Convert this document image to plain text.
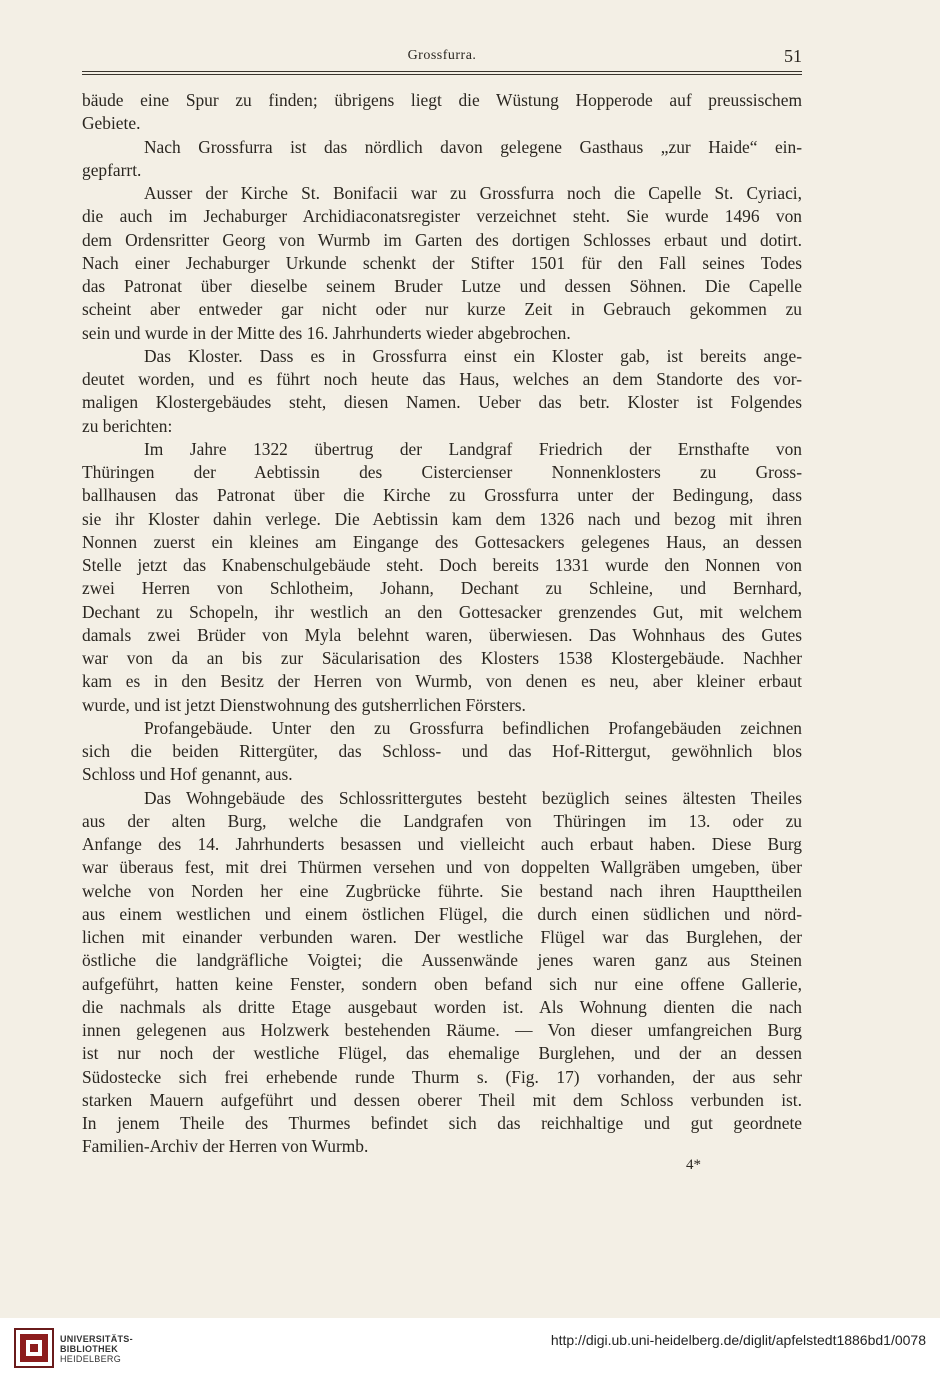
Grossfurra.	51
bäude eine Spur zu finden; übrigens liegt die Wüstung Hopperode auf preussischem
Gebiete.
Nach Grossfurra ist das nördlich davon gelegene Gasthaus „zur Haide“ ein-
gepfarrt.
Ausser der Kirche St. Bonifacii war zu Grossfurra noch die Capelle St. Cyriaci,
die auch im Jechaburger Archidiaconatsregister verzeichnet steht. Sie wurde 1496 von
dem Ordensritter Georg von Wurmb im Garten des dortigen Schlosses erbaut und dotirt.
Nach einer Jechaburger Urkunde schenkt der Stifter 1501 für den Fall seines Todes
das Patronat über dieselbe seinem Bruder Lutze und dessen Söhnen. Die Capelle
scheint aber entweder gar nicht oder nur kurze Zeit in Gebrauch gekommen zu
sein und wurde in der Mitte des 16. Jahrhunderts wieder abgebrochen.
Das Kloster. Dass es in Grossfurra einst ein Kloster gab, ist bereits ange-
deutet worden, und es führt noch heute das Haus, welches an dem Standorte des vor-
maligen Klostergebäudes steht, diesen Namen. Ueber das betr. Kloster ist Folgendes
zu berichten:
Im Jahre 1322 übertrug der Landgraf Friedrich der Ernsthafte von
Thüringen der Aebtissin des Cistercienser Nonnenklosters zu Gross-
ballhausen das Patronat über die Kirche zu Grossfurra unter der Bedingung, dass
sie ihr Kloster dahin verlege. Die Aebtissin kam dem 1326 nach und bezog mit ihren
Nonnen zuerst ein kleines am Eingange des Gottesackers gelegenes Haus, an dessen
Stelle jetzt das Knabenschulgebäude steht. Doch bereits 1331 wurde den Nonnen von
zwei Herren von Schlotheim, Johann, Dechant zu Schleine, und Bernhard,
Dechant zu Schopeln, ihr westlich an den Gottesacker grenzendes Gut, mit welchem
damals zwei Brüder von Myla belehnt waren, überwiesen. Das Wohnhaus des Gutes
war von da an bis zur Säcularisation des Klosters 1538 Klostergebäude. Nachher
kam es in den Besitz der Herren von Wurmb, von denen es neu, aber kleiner erbaut
wurde, und ist jetzt Dienstwohnung des gutsherrlichen Försters.
Profangebäude. Unter den zu Grossfurra befindlichen Profangebäuden zeichnen
sich die beiden Rittergüter, das Schloss- und das Hof-Rittergut, gewöhnlich blos
Schloss und Hof genannt, aus.
Das Wohngebäude des Schlossrittergutes besteht bezüglich seines ältesten Theiles
aus der alten Burg, welche die Landgrafen von Thüringen im 13. oder zu
Anfange des 14. Jahrhunderts besassen und vielleicht auch erbaut haben. Diese Burg
war überaus fest, mit drei Thürmen versehen und von doppelten Wallgräben umgeben, über
welche von Norden her eine Zugbrücke führte. Sie bestand nach ihren Haupttheilen
aus einem westlichen und einem östlichen Flügel, die durch einen südlichen und nörd-
lichen mit einander verbunden waren. Der westliche Flügel war das Burglehen, der
östliche die landgräfliche Voigtei; die Aussenwände jenes waren ganz aus Steinen
aufgeführt, hatten keine Fenster, sondern oben befand sich nur eine offene Gallerie,
die nachmals als dritte Etage ausgebaut worden ist. Als Wohnung dienten die nach
innen gelegenen aus Holzwerk bestehenden Räume. — Von dieser umfangreichen Burg
ist nur noch der westliche Flügel, das ehemalige Burglehen, und der an dessen
Südostecke sich frei erhebende runde Thurm s. (Fig. 17) vorhanden, der aus sehr
starken Mauern aufgeführt und dessen oberer Theil mit dem Schloss verbunden ist.
In jenem Theile des Thurmes befindet sich das reichhaltige und gut geordnete
Familien-Archiv der Herren von Wurmb.
4*
UNIVERSITÄTS-
BIBLIOTHEK
HEIDELBERG
http://digi.ub.uni-heidelberg.de/diglit/apfelstedt1886bd1/0078
